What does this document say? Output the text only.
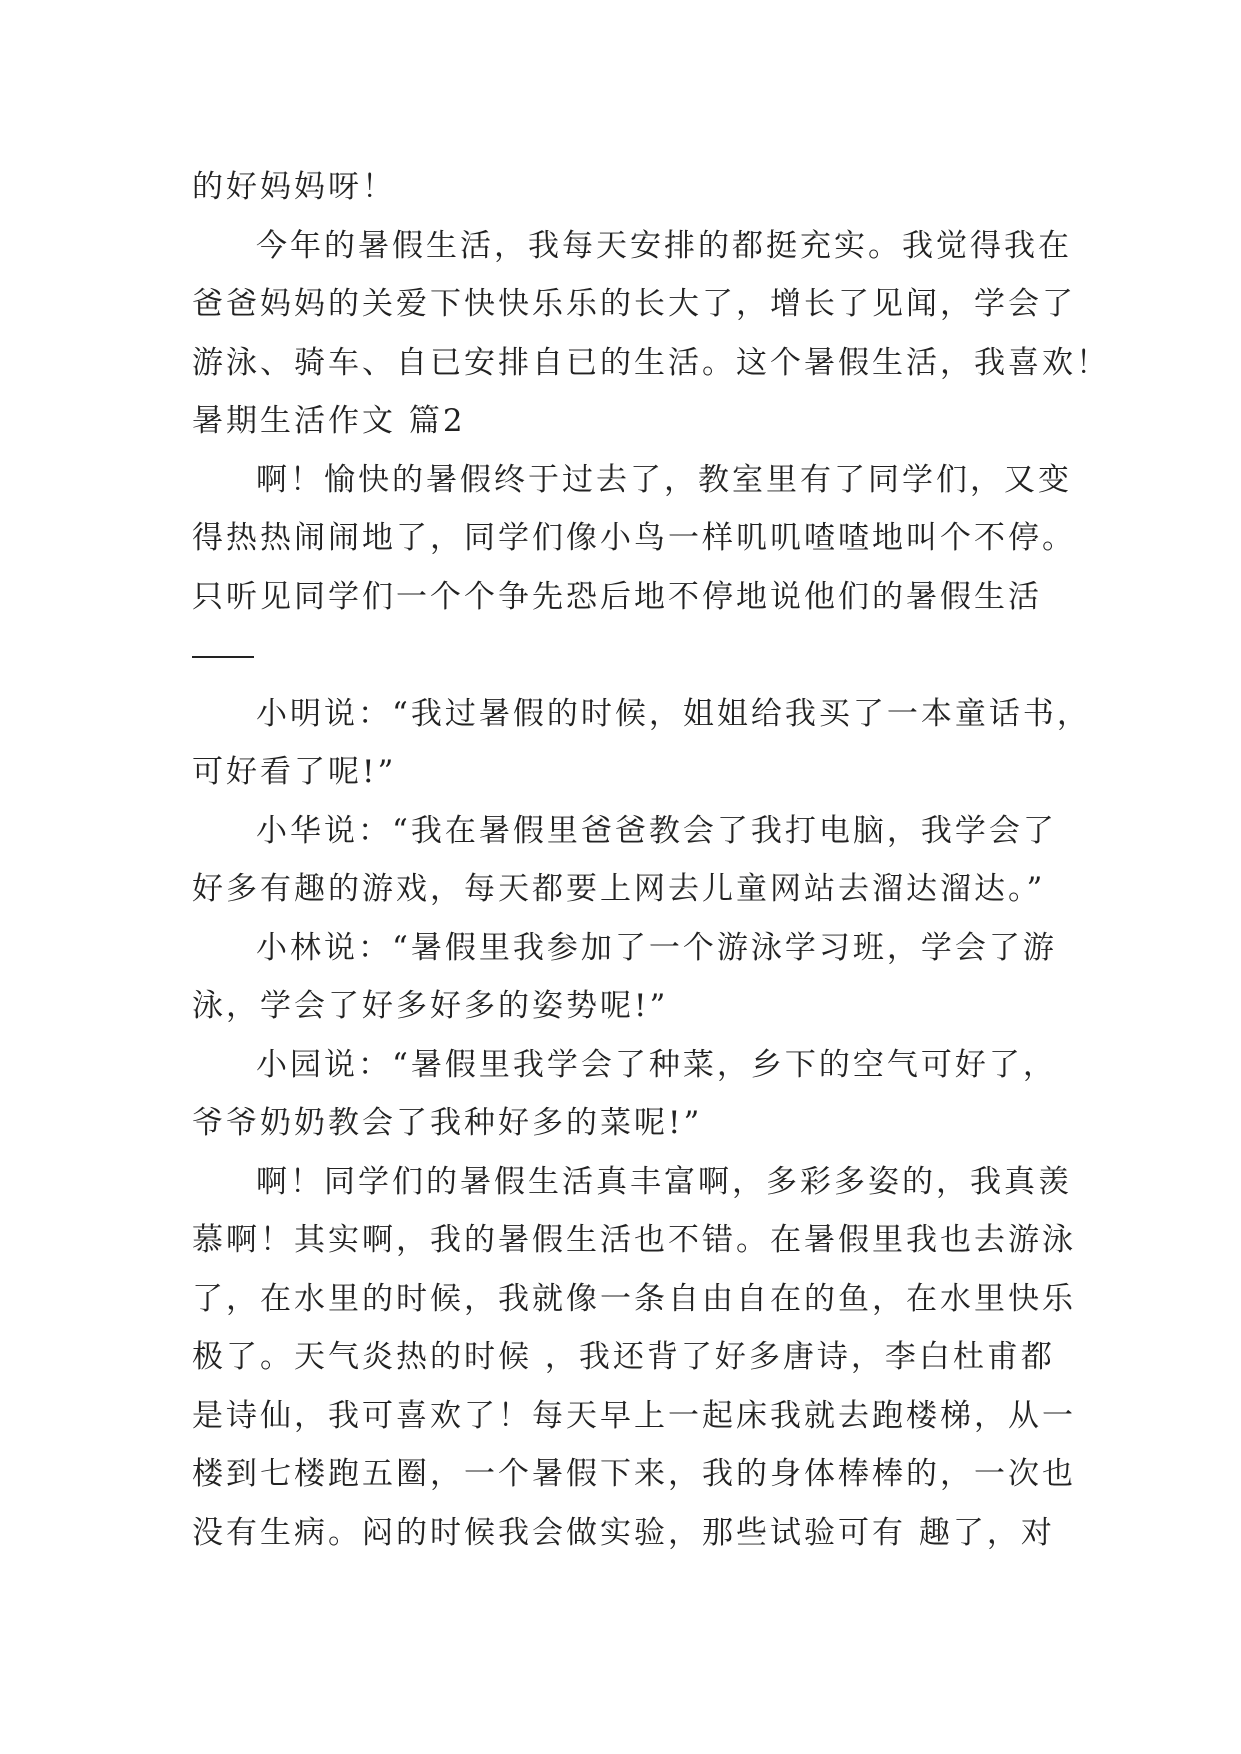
的好妈妈呀！
今年的暑假生活，我每天安排的都挺充实。我觉得我在
爸爸妈妈的关爱下快快乐乐的长大了，增长了见闻，学会了
游泳、骑车、自已安排自已的生活。这个暑假生活，我喜欢！
暑期生活作文 篇2
啊！愉快的暑假终于过去了，教室里有了同学们，又变
得热热闹闹地了，同学们像小鸟一样叽叽喳喳地叫个不停。
只听见同学们一个个争先恐后地不停地说他们的暑假生活
小明说：“我过暑假的时候，姐姐给我买了一本童话书，
可好看了呢!”
小华说：“我在暑假里爸爸教会了我打电脑，我学会了
好多有趣的游戏，每天都要上网去儿童网站去溜达溜达。”
小林说：“暑假里我参加了一个游泳学习班，学会了游
泳，学会了好多好多的姿势呢!”
小园说：“暑假里我学会了种菜，乡下的空气可好了，
爷爷奶奶教会了我种好多的菜呢!”
啊！同学们的暑假生活真丰富啊，多彩多姿的，我真羡
慕啊！其实啊，我的暑假生活也不错。在暑假里我也去游泳
了，在水里的时候，我就像一条自由自在的鱼，在水里快乐
极了。天气炎热的时候 ，我还背了好多唐诗，李白杜甫都
是诗仙，我可喜欢了！每天早上一起床我就去跑楼梯，从一
楼到七楼跑五圈，一个暑假下来，我的身体棒棒的，一次也
没有生病。闷的时候我会做实验，那些试验可有 趣了，对
